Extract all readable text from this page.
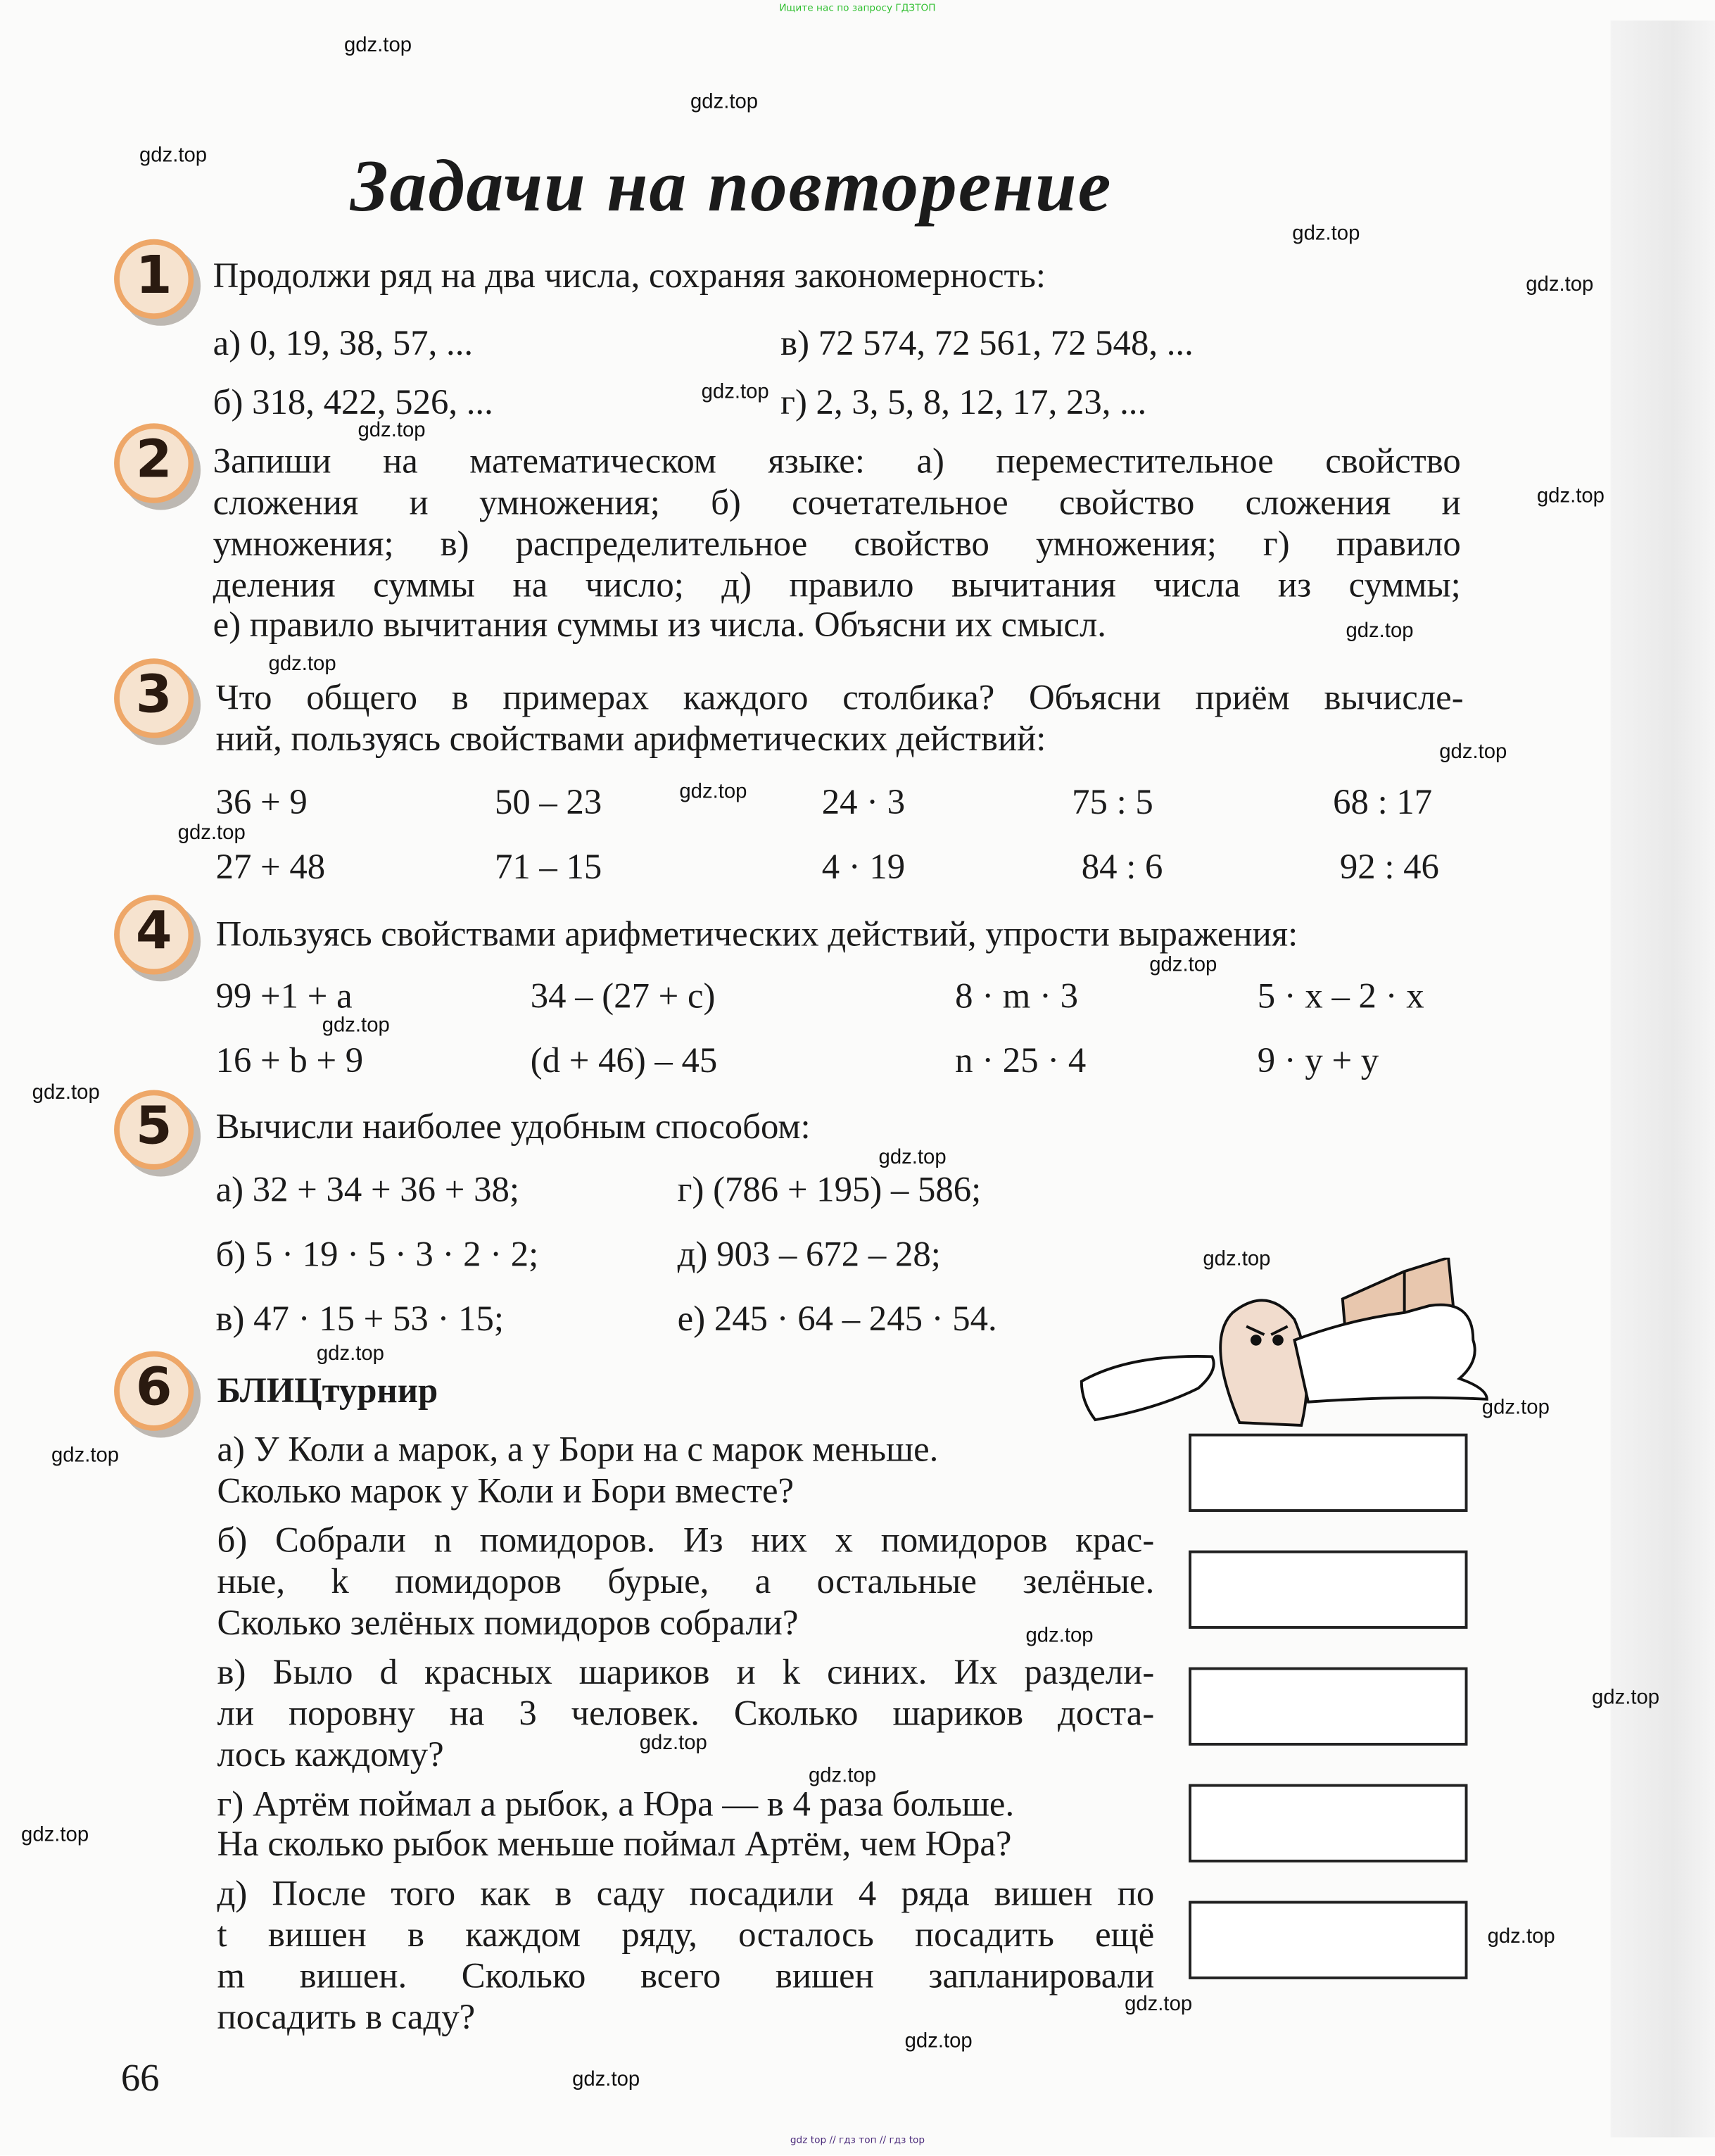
Ищите нас по запросу ГДЗТОП
gdz top // гдз топ // гдз top
Задачи на повторение
1	Продолжи ряд на два числа, сохраняя закономерность:
а) 0, 19, 38, 57, ...	в) 72 574, 72 561, 72 548, ...
б) 318, 422, 526, ...	г) 2, 3, 5, 8, 12, 17, 23, ...
2	Запиши на математическом языке: а) переместительное свойство
сложения и умножения; б) сочетательное свойство сложения и
умножения; в) распределительное свойство умножения; г) правило
деления суммы на число; д) правило вычитания числа из суммы;
е) правило вычитания суммы из числа. Объясни их смысл.
3	Что общего в примерах каждого столбика? Объясни приём вычисле-
ний, пользуясь свойствами арифметических действий:
36 + 9	50 – 23	24 · 3	75 : 5	68 : 17
27 + 48	71 – 15	4 · 19	84 : 6	92 : 46
4	Пользуясь свойствами арифметических действий, упрости выражения:
99 +1 + a	34 – (27 + c)	8 · m · 3	5 · x – 2 · x
16 + b + 9	(d + 46) – 45	n · 25 · 4	9 · y + y
5	Вычисли наиболее удобным способом:
а) 32 + 34 + 36 + 38;
б) 5 · 19 · 5 · 3 · 2 · 2;
в) 47 · 15 + 53 · 15;
г) (786 + 195) – 586;
д) 903 – 672 – 28;
е) 245 · 64 – 245 · 54.
6	БЛИЦтурнир
а) У Коли a марок, а у Бори на c марок меньше.
Сколько марок у Коли и Бори вместе?
б) Собрали n помидоров. Из них x помидоров крас-
ные, k помидоров бурые, а остальные зелёные.
Сколько зелёных помидоров собрали?
в) Было d красных шариков и k синих. Их раздели-
ли поровну на 3 человек. Сколько шариков доста-
лось каждому?
г) Артём поймал a рыбок, а Юра — в 4 раза больше.
На сколько рыбок меньше поймал Артём, чем Юра?
д) После того как в саду посадили 4 ряда вишен по
t вишен в каждом ряду, осталось посадить ещё
m вишен. Сколько всего вишен запланировали
посадить в саду?
66
gdz.top
gdz.top
gdz.top
gdz.top
gdz.top
gdz.top
gdz.top
gdz.top
gdz.top
gdz.top
gdz.top
gdz.top
gdz.top
gdz.top
gdz.top
gdz.top
gdz.top
gdz.top
gdz.top
gdz.top
gdz.top
gdz.top
gdz.top
gdz.top
gdz.top
gdz.top
gdz.top
gdz.top
gdz.top
gdz.top
